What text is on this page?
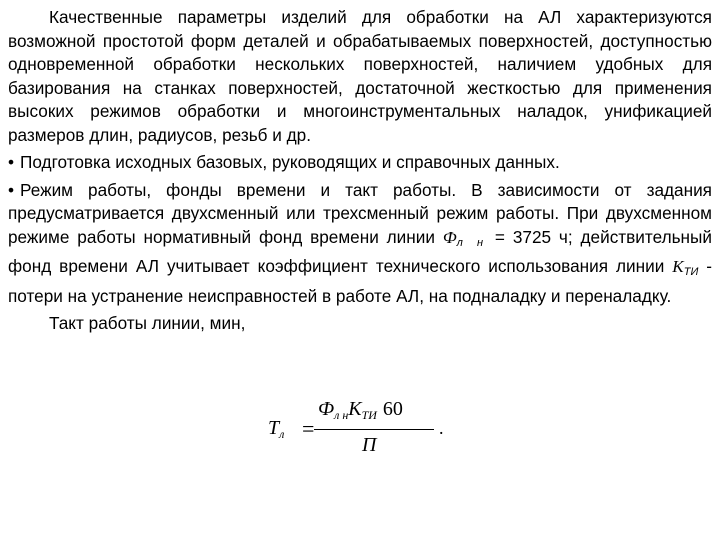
Качественные параметры изделий для обработки на АЛ характеризуются возможной простотой форм деталей и обрабатываемых поверхностей, доступностью одновременной обработки нескольких поверхностей, наличием удобных для базирования на станках поверхностей, достаточной жесткостью для применения высоких режимов обработки и многоинструментальных наладок, унификацией размеров длин, радиусов, резьб и др.

• Подготовка исходных базовых, руководящих и справочных данных.

• Режим работы, фонды времени и такт работы. В зависимости от задания предусматривается двухсменный или трехсменный режим работы. При двухсменном режиме работы нормативный фонд времени линии $Ф_{л н} = 3725$ ч; действительный фонд времени АЛ учитывает коэффициент технического использования линии $К_{ТИ}$ - потери на устранение неисправностей в работе АЛ, на подналадку и переналадку.

Такт работы линии, мин,

$Т_л$ =
$Ф_{л н}К_{ТИ}$ 60
П
.
